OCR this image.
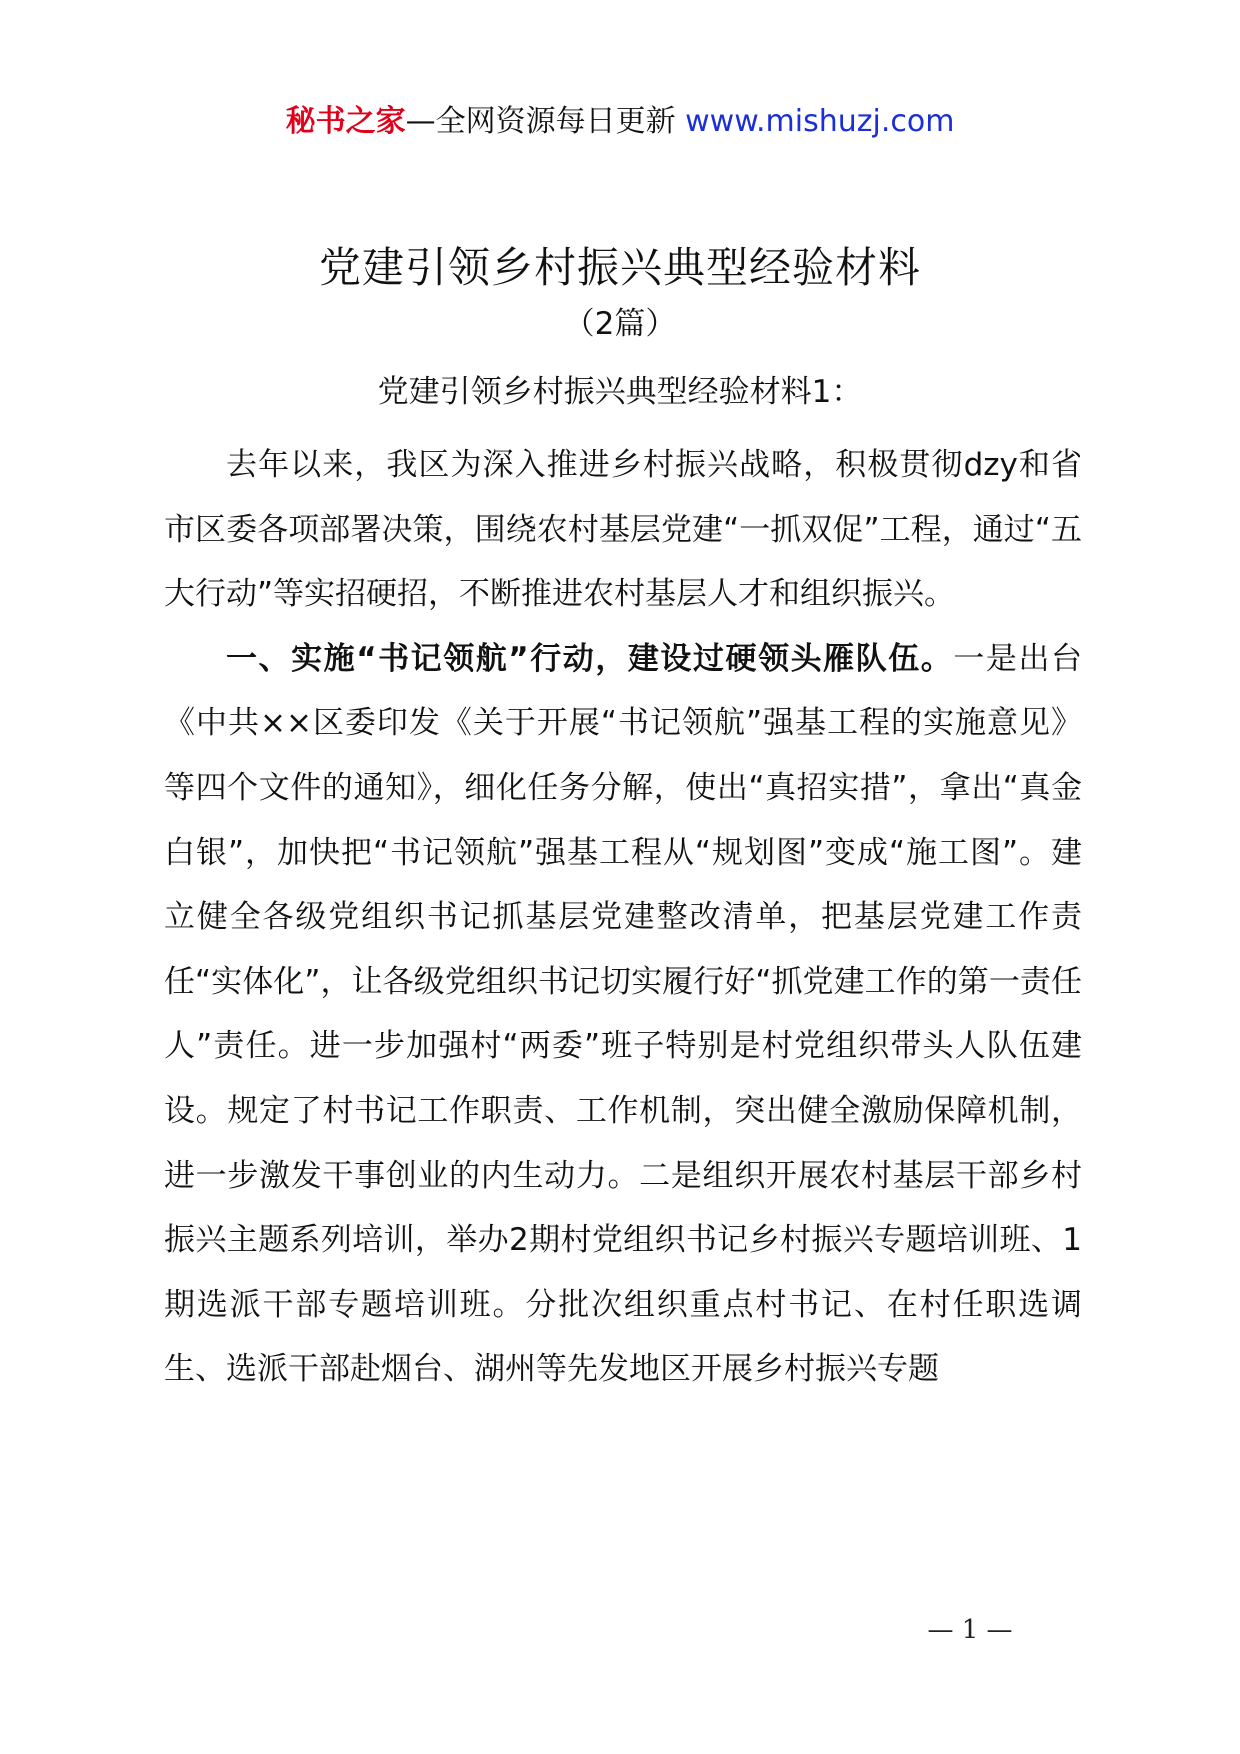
秘书之家—全网资源每日更新 www.mishuzj.com
党建引领乡村振兴典型经验材料
（2篇）
党建引领乡村振兴典型经验材料1：

去年以来，我区为深入推进乡村振兴战略，积极贯彻dzy和省市区委各项部署决策，围绕农村基层党建“一抓双促”工程，通过“五大行动”等实招硬招，不断推进农村基层人才和组织振兴。

一、实施“书记领航”行动，建设过硬领头雁队伍。一是出台《中共××区委印发《关于开展“书记领航”强基工程的实施意见》等四个文件的通知》，细化任务分解，使出“真招实措”，拿出“真金白银”，加快把“书记领航”强基工程从“规划图”变成“施工图”。建立健全各级党组织书记抓基层党建整改清单，把基层党建工作责任“实体化”，让各级党组织书记切实履行好“抓党建工作的第一责任人”责任。进一步加强村“两委”班子特别是村党组织带头人队伍建设。规定了村书记工作职责、工作机制，突出健全激励保障机制，进一步激发干事创业的内生动力。二是组织开展农村基层干部乡村振兴主题系列培训，举办2期村党组织书记乡村振兴专题培训班、1期选派干部专题培训班。分批次组织重点村书记、在村任职选调生、选派干部赴烟台、湖州等先发地区开展乡村振兴专题

— 1 —
